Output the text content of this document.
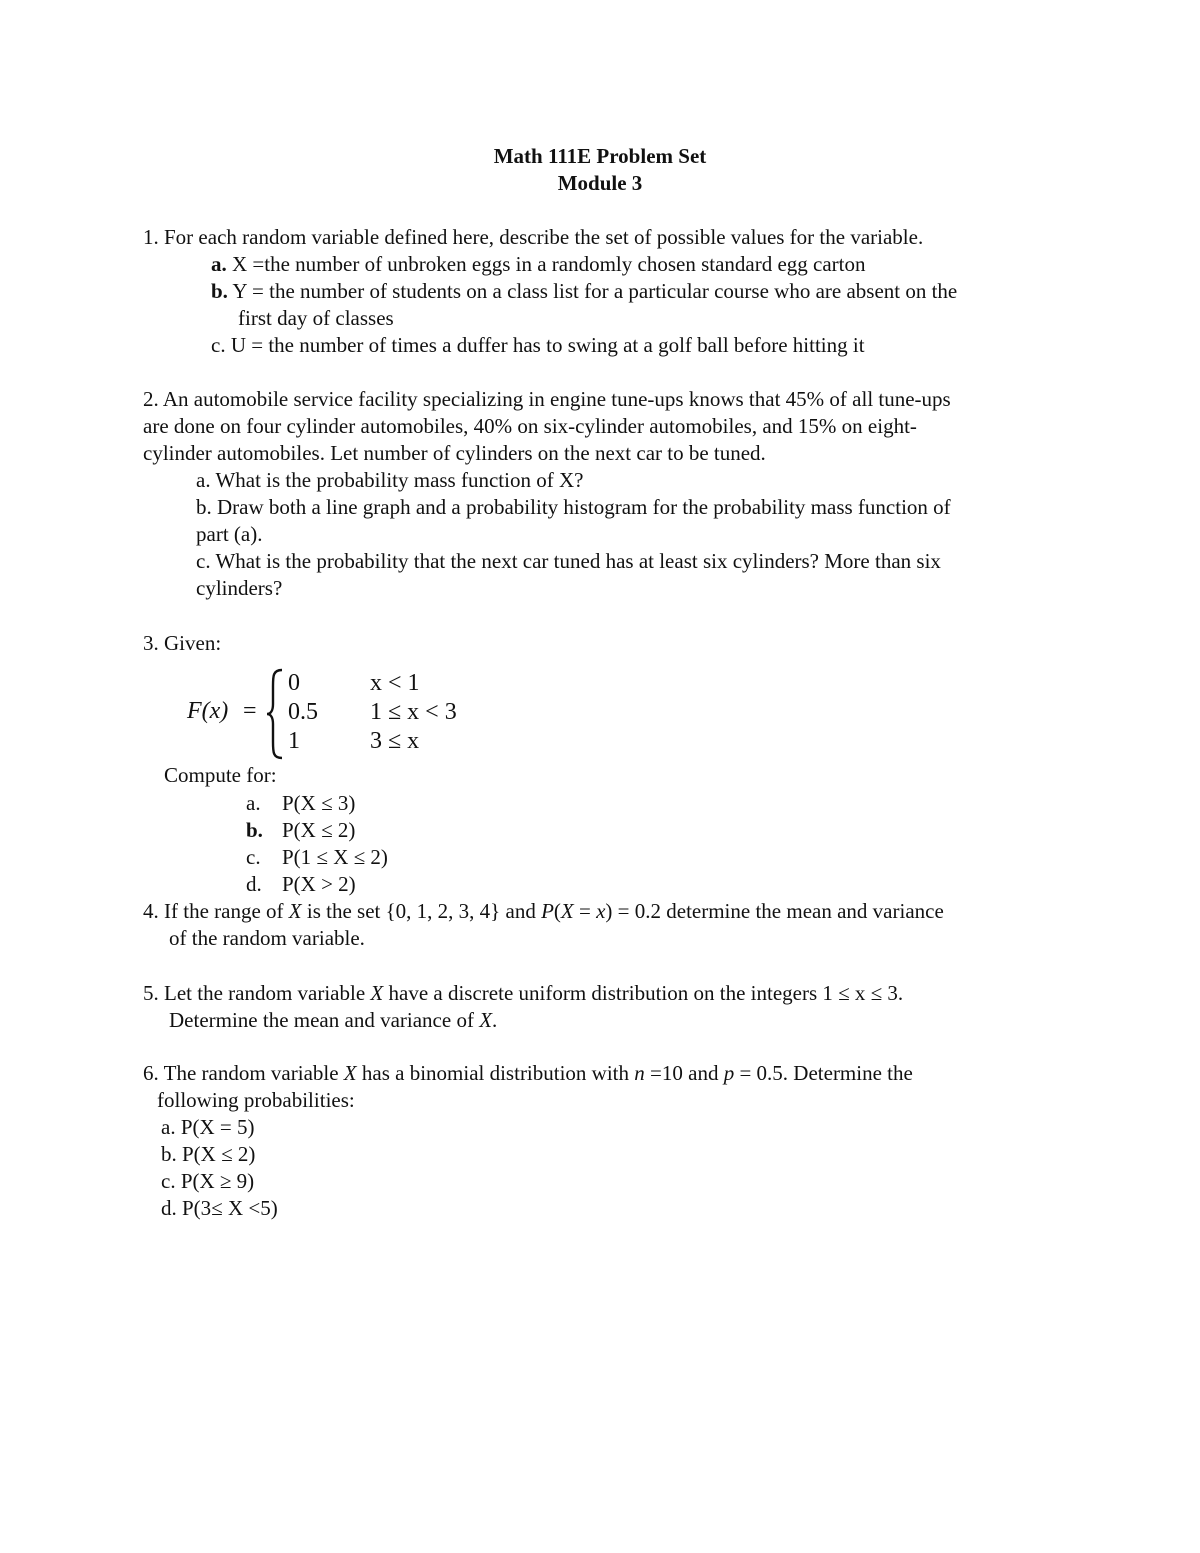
Math 111E Problem Set
Module 3
1. For each random variable defined here, describe the set of possible values for the variable.
a. X =the number of unbroken eggs in a randomly chosen standard egg carton
b. Y = the number of students on a class list for a particular course who are absent on the
first day of classes
c. U = the number of times a duffer has to swing at a golf ball before hitting it
2. An automobile service facility specializing in engine tune-ups knows that 45% of all tune-ups
are done on four cylinder automobiles, 40% on six-cylinder automobiles, and 15% on eight-
cylinder automobiles. Let number of cylinders on the next car to be tuned.
a. What is the probability mass function of X?
b. Draw both a line graph and a probability histogram for the probability mass function of
part (a).
c. What is the probability that the next car tuned has at least six cylinders? More than six
cylinders?
3. Given:
F(x) =
0
0.5
1
x < 1
1 ≤ x < 3
3 ≤ x
Compute for:
a. P(X ≤ 3)
b. P(X ≤ 2)
c. P(1 ≤ X ≤ 2)
d. P(X > 2)
4. If the range of X is the set {0, 1, 2, 3, 4} and P(X = x) = 0.2 determine the mean and variance
of the random variable.
5. Let the random variable X have a discrete uniform distribution on the integers 1 ≤ x ≤ 3.
Determine the mean and variance of X.
6. The random variable X has a binomial distribution with n =10 and p = 0.5. Determine the
following probabilities:
a. P(X = 5)
b. P(X ≤ 2)
c. P(X ≥ 9)
d. P(3≤ X <5)
